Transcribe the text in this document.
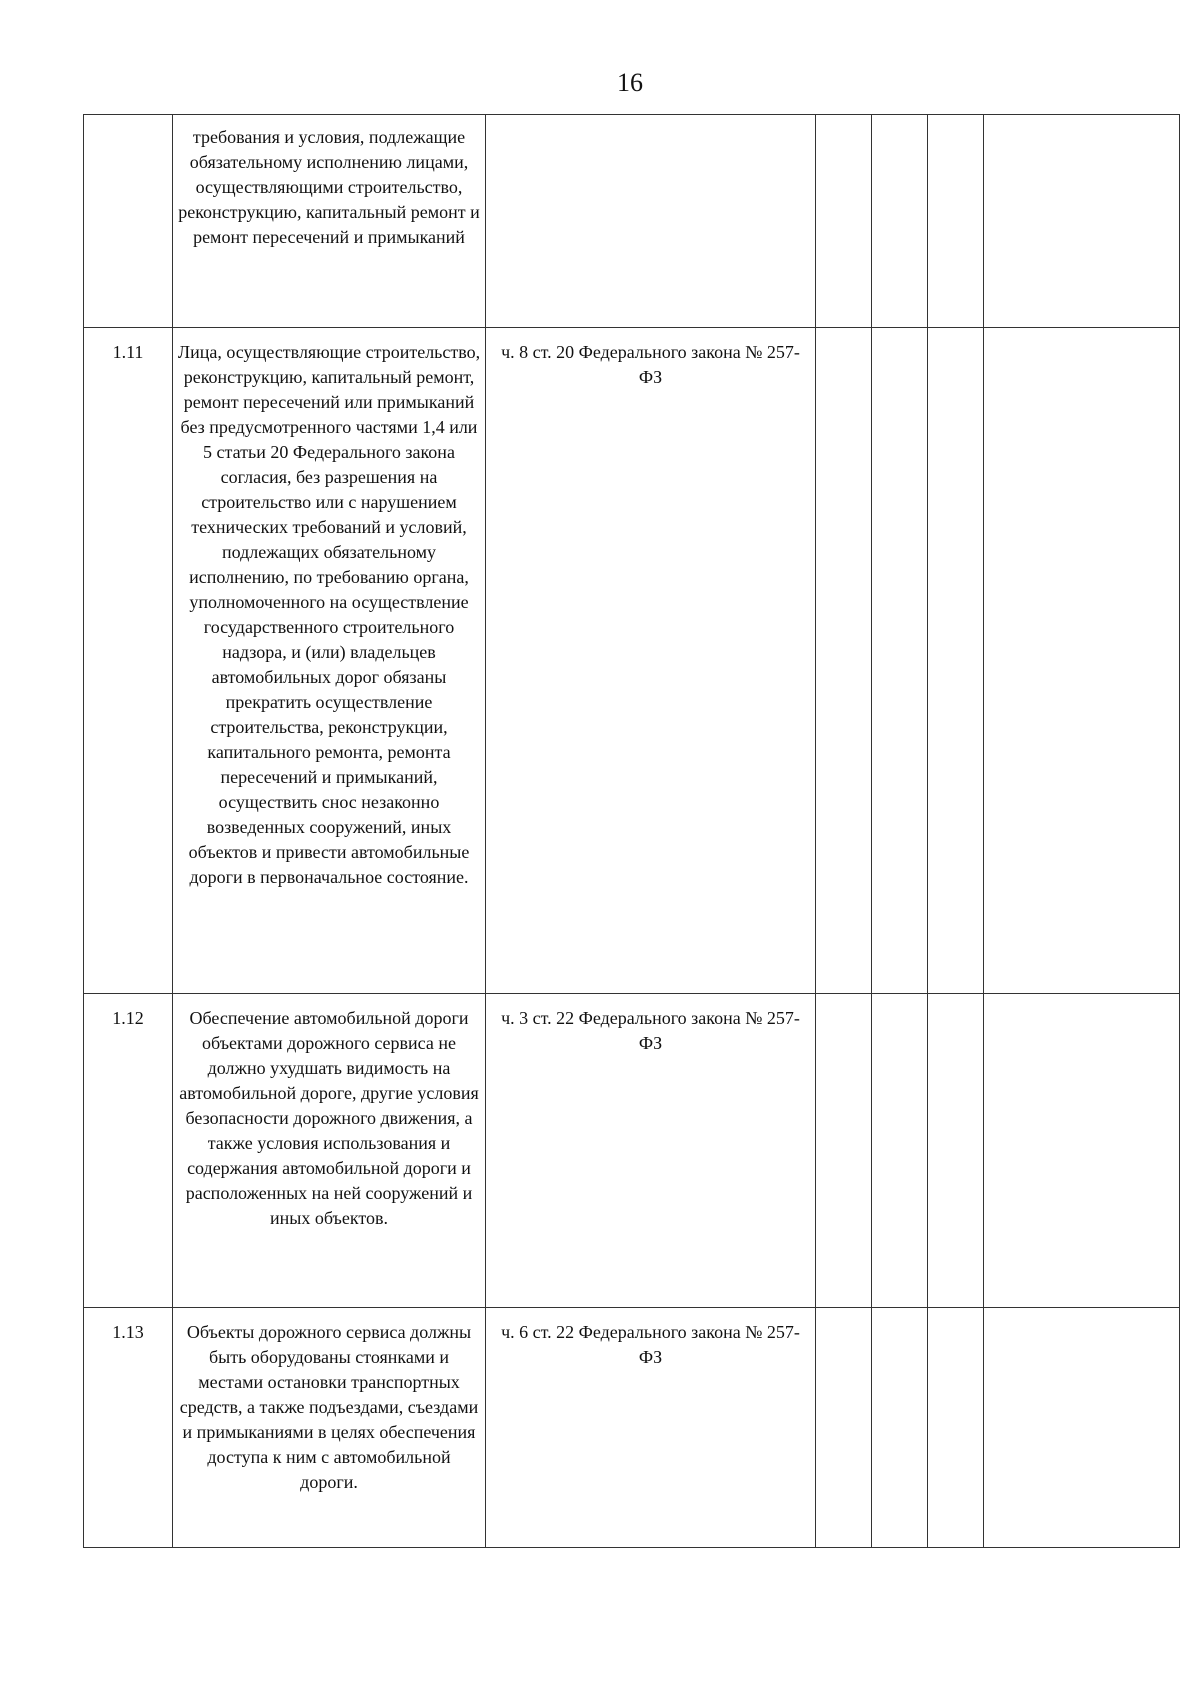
16
	требования и условия, подлежащие обязательному исполнению лицами, осуществляющими строительство, реконструкцию, капитальный ремонт и ремонт пересечений и примыканий					
1.11	Лица, осуществляющие строительство, реконструкцию, капитальный ремонт, ремонт пересечений или примыканий без предусмотренного частями 1,4 или 5 статьи 20 Федерального закона согласия, без разрешения на строительство или с нарушением технических требований и условий, подлежащих обязательному исполнению, по требованию органа, уполномоченного на осуществление государственного строительного надзора, и (или) владельцев автомобильных дорог обязаны прекратить осуществление строительства, реконструкции, капитального ремонта, ремонта пересечений и примыканий, осуществить снос незаконно возведенных сооружений, иных объектов и привести автомобильные дороги в первоначальное состояние.	ч. 8 ст. 20 Федерального закона № 257-ФЗ				
1.12	Обеспечение автомобильной дороги объектами дорожного сервиса не должно ухудшать видимость на автомобильной дороге, другие условия безопасности дорожного движения, а также условия использования и содержания автомобильной дороги и расположенных на ней сооружений и иных объектов.	ч. 3 ст. 22 Федерального закона № 257-ФЗ				
1.13	Объекты дорожного сервиса должны быть оборудованы стоянками и местами остановки транспортных средств, а также подъездами, съездами и примыканиями в целях обеспечения доступа к ним с автомобильной дороги.	ч. 6 ст. 22 Федерального закона № 257-ФЗ				
